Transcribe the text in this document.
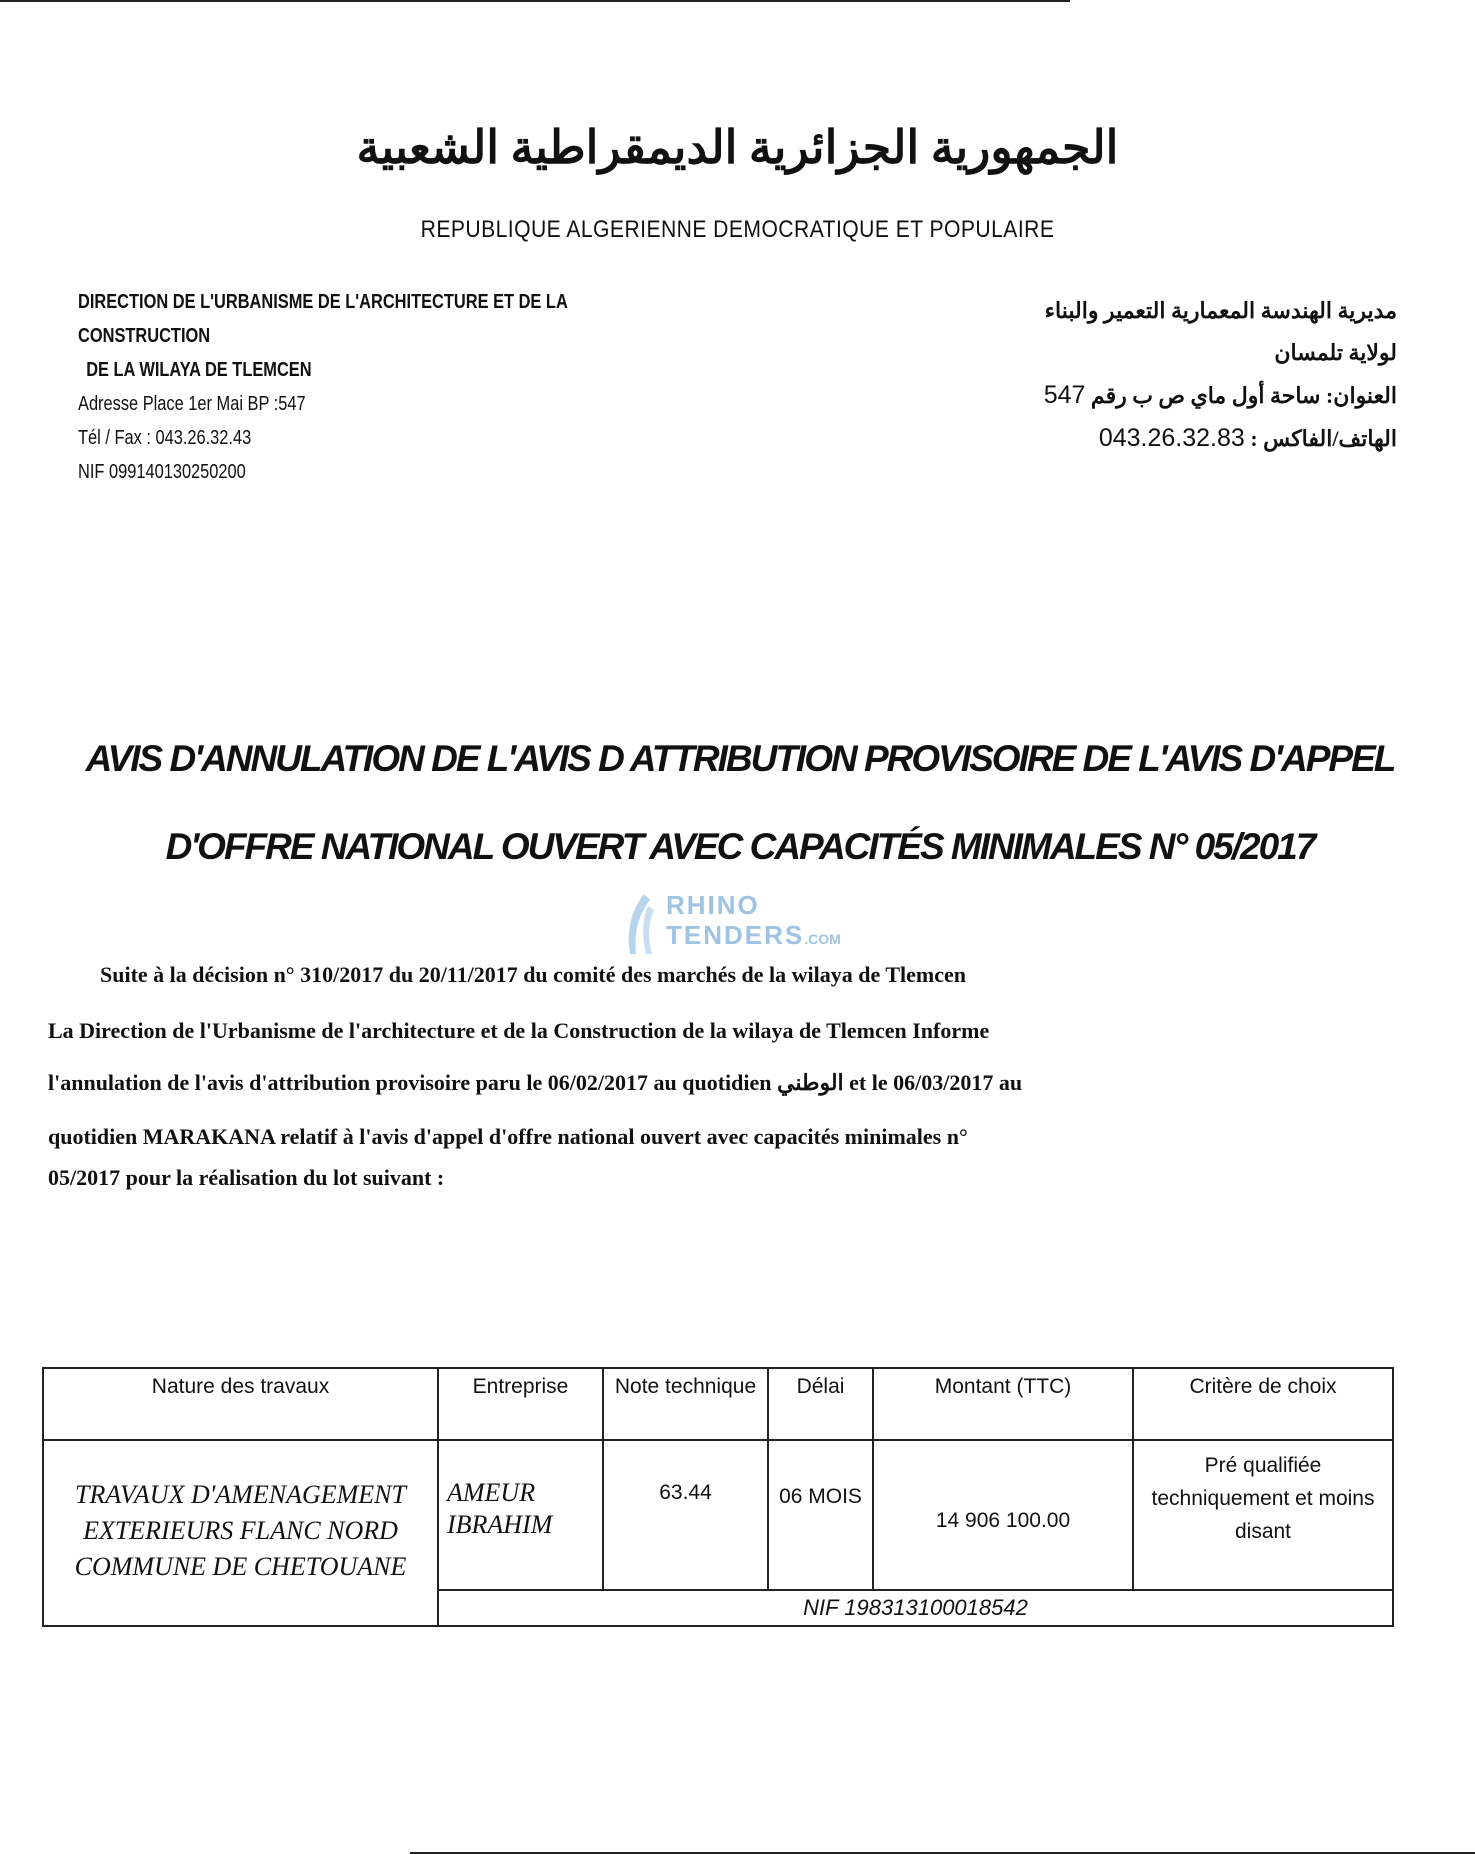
الجمهورية الجزائرية الديمقراطية الشعبية
REPUBLIQUE ALGERIENNE DEMOCRATIQUE ET POPULAIRE
DIRECTION DE L'URBANISME DE L'ARCHITECTURE ET DE LA
CONSTRUCTION
DE LA WILAYA DE TLEMCEN
Adresse Place 1er Mai BP :547
Tél / Fax : 043.26.32.43
NIF 099140130250200
مديرية الهندسة المعمارية التعمير والبناء
لولاية تلمسان
العنوان: ساحة أول ماي ص ب رقم 547
الهاتف/الفاكس : 043.26.32.83
AVIS D'ANNULATION DE L'AVIS D ATTRIBUTION PROVISOIRE DE L'AVIS D'APPEL
D'OFFRE NATIONAL OUVERT AVEC CAPACITÉS MINIMALES N° 05/2017
RHINO
TENDERS.COM

Suite à la décision n° 310/2017 du 20/11/2017 du comité des marchés de la wilaya de Tlemcen

La Direction de l'Urbanisme de l'architecture et de la Construction de la wilaya de Tlemcen Informe
l'annulation de l'avis d'attribution provisoire paru le 06/02/2017 au quotidien الوطني et le 06/03/2017 au

quotidien MARAKANA relatif à l'avis d'appel d'offre national ouvert avec capacités minimales n°
05/2017 pour la réalisation du lot suivant :

Nature des travaux	Entreprise	Note technique	Délai	Montant (TTC)	Critère de choix
TRAVAUX D'AMENAGEMENT EXTERIEURS FLANC NORD COMMUNE DE CHETOUANE	AMEUR IBRAHIM	63.44	06 MOIS	14 906 100.00	Pré qualifiée techniquement et moins disant
	NIF 198313100018542				
